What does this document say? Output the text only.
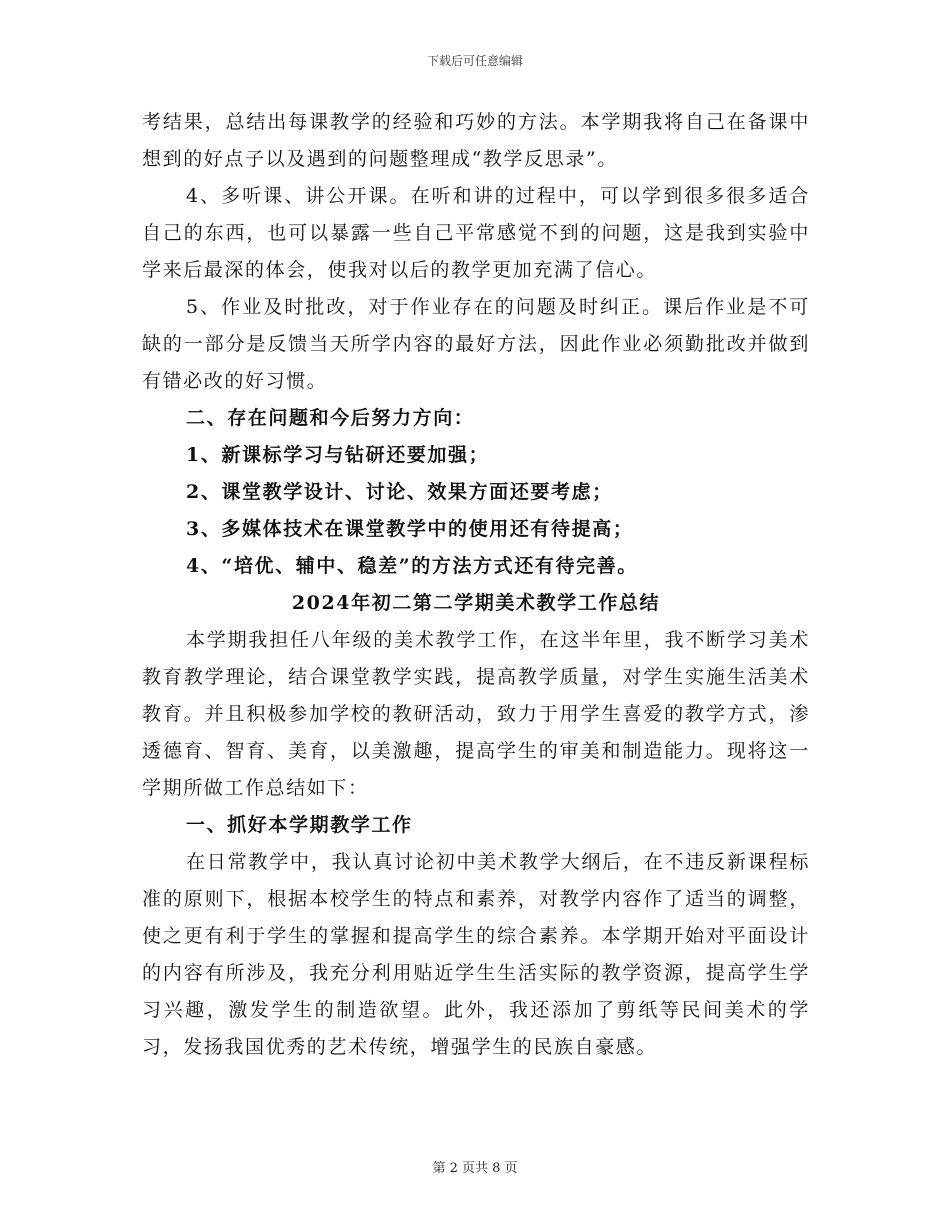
下载后可任意编辑

考结果，总结出每课教学的经验和巧妙的方法。本学期我将自己在备课中想到的好点子以及遇到的问题整理成“教学反思录”。

4、多听课、讲公开课。在听和讲的过程中，可以学到很多很多适合自己的东西，也可以暴露一些自己平常感觉不到的问题，这是我到实验中学来后最深的体会，使我对以后的教学更加充满了信心。

5、作业及时批改，对于作业存在的问题及时纠正。课后作业是不可缺的一部分是反馈当天所学内容的最好方法，因此作业必须勤批改并做到有错必改的好习惯。

二、存在问题和今后努力方向：

1、新课标学习与钻研还要加强；

2、课堂教学设计、讨论、效果方面还要考虑；

3、多媒体技术在课堂教学中的使用还有待提高；

4、“培优、辅中、稳差”的方法方式还有待完善。

2024年初二第二学期美术教学工作总结

本学期我担任八年级的美术教学工作，在这半年里，我不断学习美术教育教学理论，结合课堂教学实践，提高教学质量，对学生实施生活美术教育。并且积极参加学校的教研活动，致力于用学生喜爱的教学方式，渗透德育、智育、美育，以美激趣，提高学生的审美和制造能力。现将这一学期所做工作总结如下：

一、抓好本学期教学工作

在日常教学中，我认真讨论初中美术教学大纲后，在不违反新课程标准的原则下，根据本校学生的特点和素养，对教学内容作了适当的调整，使之更有利于学生的掌握和提高学生的综合素养。本学期开始对平面设计的内容有所涉及，我充分利用贴近学生生活实际的教学资源，提高学生学习兴趣，激发学生的制造欲望。此外，我还添加了剪纸等民间美术的学习，发扬我国优秀的艺术传统，增强学生的民族自豪感。

第 2 页共 8 页
